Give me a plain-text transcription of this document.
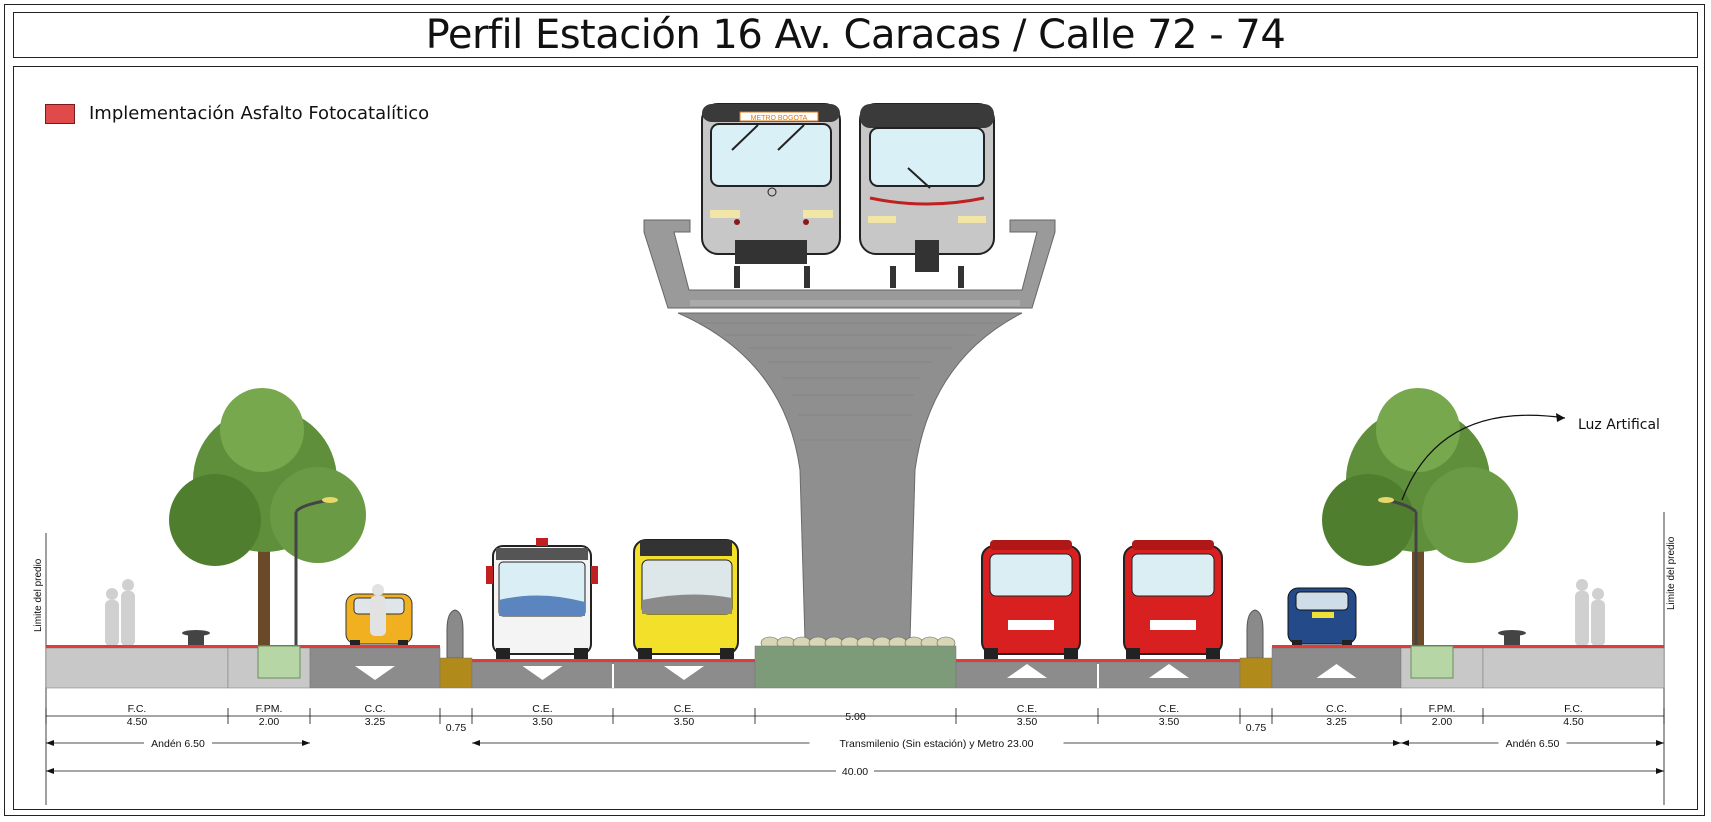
Perfil Estación 16 Av. Caracas / Calle 72 - 74
Implementación Asfalto Fotocatalítico
Luz Artifical
Limite del predio	Limite del predio
METRO BOGOTA
F.C.
4.50
F.PM.
2.00
C.C.
3.25	0.75
C.E.
3.50
C.E.
3.50	5.00
C.E.
3.50
C.E.
3.50	0.75
C.C.
3.25
F.PM.
2.00
F.C.
4.50
Andén 6.50	Transmilenio (Sin estación) y Metro 23.00	Andén 6.50
40.00
